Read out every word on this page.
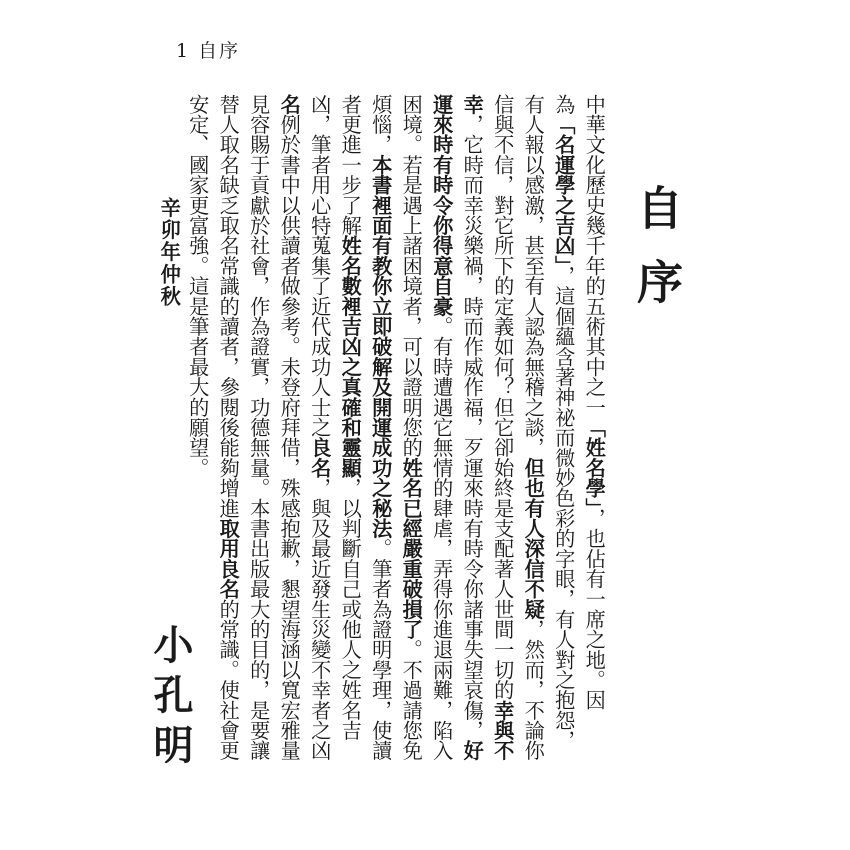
1 自序
自序
中華文化歷史幾千年的五術其中之一「姓名學」，也佔有一席之地。因
為「名運學之吉凶」，這個蘊含著神祕而微妙色彩的字眼，有人對之抱怨，
有人報以感激，甚至有人認為無稽之談，但也有人深信不疑，然而，不論你
信與不信，對它所下的定義如何？但它卻始終是支配著人世間一切的幸與不
幸，它時而幸災樂禍，時而作威作福，歹運來時有時令你諸事失望哀傷，好
運來時有時令你得意自豪。有時遭遇它無情的肆虐，弄得你進退兩難，陷入
困境。若是遇上諸困境者，可以證明您的姓名已經嚴重破損了。不過請您免
煩惱，本書裡面有教你立即破解及開運成功之秘法。筆者為證明學理，使讀
者更進一步了解姓名數裡吉凶之真確和靈顯，以判斷自己或他人之姓名吉
凶，筆者用心特蒐集了近代成功人士之良名，與及最近發生災變不幸者之凶
名例於書中以供讀者做參考。未登府拜借，殊感抱歉，懇望海涵以寬宏雅量
見容賜于貢獻於社會，作為證實，功德無量。本書出版最大的目的，是要讓
替人取名缺乏取名常識的讀者，參閱後能夠增進取用良名的常識。使社會更
安定、國家更富強。這是筆者最大的願望。
辛卯年仲秋
小孔明
